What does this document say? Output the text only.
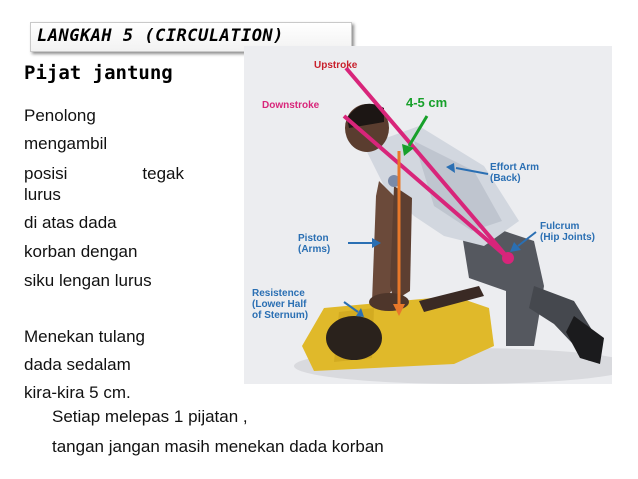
LANGKAH 5 (CIRCULATION)
Pijat jantung
Penolong
mengambil
posisi	tegak
lurus
di atas dada
korban dengan
siku lengan lurus
Menekan tulang
dada sedalam
kira-kira 5 cm.
Upstroke
Downstroke	4-5 cm
Effort Arm
(Back)
Fulcrum
(Hip Joints)
Piston
(Arms)
Resistence
(Lower Half
of Sternum)
Setiap melepas 1 pijatan ,
tangan jangan masih menekan dada korban
